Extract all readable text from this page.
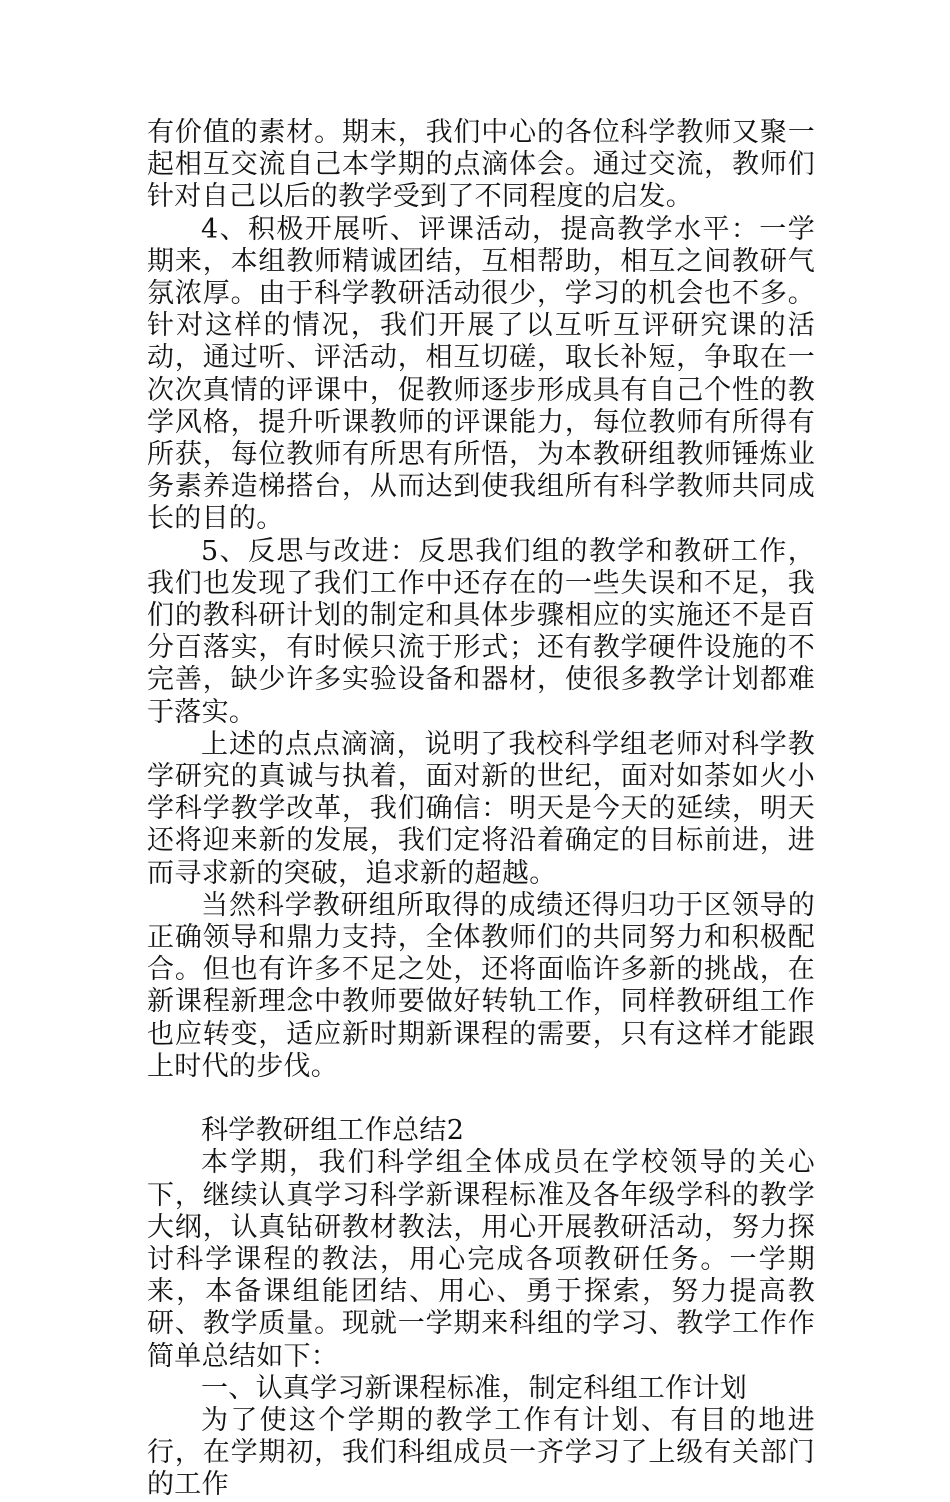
有价值的素材。期末，我们中心的各位科学教师又聚一起相互交流自己本学期的点滴体会。通过交流，教师们针对自己以后的教学受到了不同程度的启发。

4、积极开展听、评课活动，提高教学水平：一学期来，本组教师精诚团结，互相帮助，相互之间教研气氛浓厚。由于科学教研活动很少，学习的机会也不多。针对这样的情况，我们开展了以互听互评研究课的活动，通过听、评活动，相互切磋，取长补短，争取在一次次真情的评课中，促教师逐步形成具有自己个性的教学风格，提升听课教师的评课能力，每位教师有所得有所获，每位教师有所思有所悟，为本教研组教师锤炼业务素养造梯搭台，从而达到使我组所有科学教师共同成长的目的。

5、反思与改进：反思我们组的教学和教研工作，我们也发现了我们工作中还存在的一些失误和不足，我们的教科研计划的制定和具体步骤相应的实施还不是百分百落实，有时候只流于形式；还有教学硬件设施的不完善，缺少许多实验设备和器材，使很多教学计划都难于落实。

上述的点点滴滴，说明了我校科学组老师对科学教学研究的真诚与执着，面对新的世纪，面对如荼如火小学科学教学改革，我们确信：明天是今天的延续，明天还将迎来新的发展，我们定将沿着确定的目标前进，进而寻求新的突破，追求新的超越。

当然科学教研组所取得的成绩还得归功于区领导的正确领导和鼎力支持，全体教师们的共同努力和积极配合。但也有许多不足之处，还将面临许多新的挑战，在新课程新理念中教师要做好转轨工作，同样教研组工作也应转变，适应新时期新课程的需要，只有这样才能跟上时代的步伐。

科学教研组工作总结2

本学期，我们科学组全体成员在学校领导的关心下，继续认真学习科学新课程标准及各年级学科的教学大纲，认真钻研教材教法，用心开展教研活动，努力探讨科学课程的教法，用心完成各项教研任务。一学期来，本备课组能团结、用心、勇于探索，努力提高教研、教学质量。现就一学期来科组的学习、教学工作作简单总结如下：

一、认真学习新课程标准，制定科组工作计划

为了使这个学期的教学工作有计划、有目的地进行，在学期初，我们科组成员一齐学习了上级有关部门的工作
